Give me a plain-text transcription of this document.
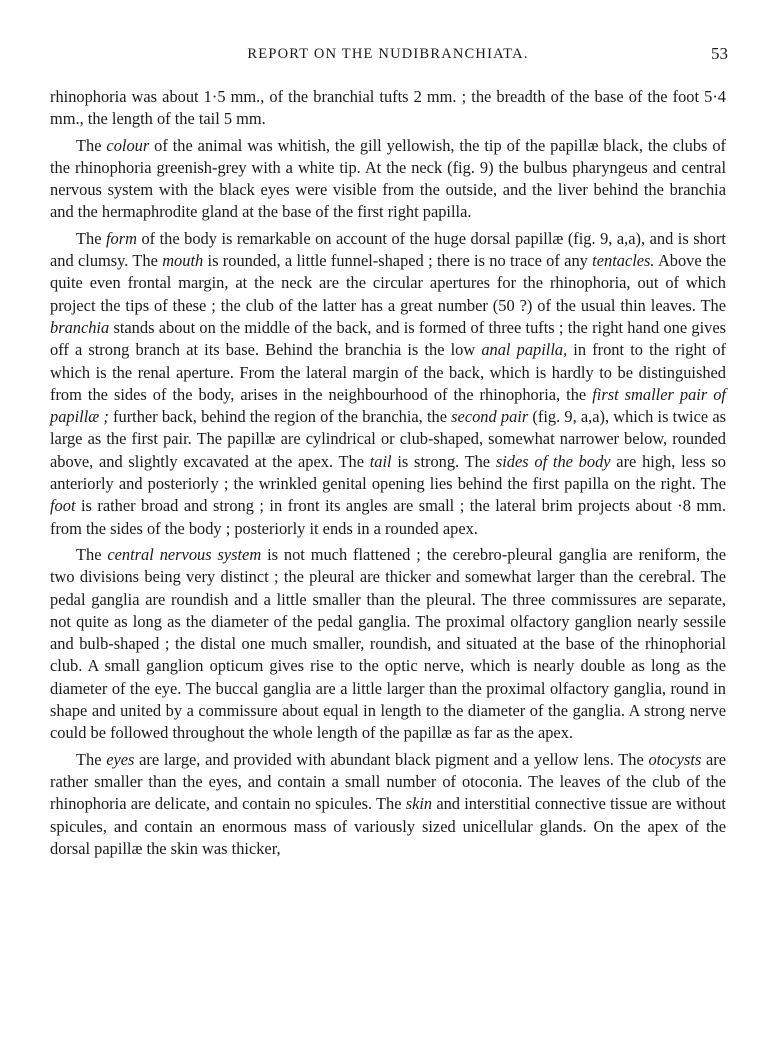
REPORT ON THE NUDIBRANCHIATA.	53

rhinophoria was about 1·5 mm., of the branchial tufts 2 mm. ; the breadth of the base of the foot 5·4 mm., the length of the tail 5 mm.

The colour of the animal was whitish, the gill yellowish, the tip of the papillæ black, the clubs of the rhinophoria greenish-grey with a white tip. At the neck (fig. 9) the bulbus pharyngeus and central nervous system with the black eyes were visible from the outside, and the liver behind the branchia and the hermaphrodite gland at the base of the first right papilla.

The form of the body is remarkable on account of the huge dorsal papillæ (fig. 9, a,a), and is short and clumsy. The mouth is rounded, a little funnel-shaped ; there is no trace of any tentacles. Above the quite even frontal margin, at the neck are the circular apertures for the rhinophoria, out of which project the tips of these ; the club of the latter has a great number (50 ?) of the usual thin leaves. The branchia stands about on the middle of the back, and is formed of three tufts ; the right hand one gives off a strong branch at its base. Behind the branchia is the low anal papilla, in front to the right of which is the renal aperture. From the lateral margin of the back, which is hardly to be distinguished from the sides of the body, arises in the neighbourhood of the rhinophoria, the first smaller pair of papillæ ; further back, behind the region of the branchia, the second pair (fig. 9, a,a), which is twice as large as the first pair. The papillæ are cylindrical or club-shaped, somewhat narrower below, rounded above, and slightly excavated at the apex. The tail is strong. The sides of the body are high, less so anteriorly and posteriorly ; the wrinkled genital opening lies behind the first papilla on the right. The foot is rather broad and strong ; in front its angles are small ; the lateral brim projects about ·8 mm. from the sides of the body ; posteriorly it ends in a rounded apex.

The central nervous system is not much flattened ; the cerebro-pleural ganglia are reniform, the two divisions being very distinct ; the pleural are thicker and somewhat larger than the cerebral. The pedal ganglia are roundish and a little smaller than the pleural. The three commissures are separate, not quite as long as the diameter of the pedal ganglia. The proximal olfactory ganglion nearly sessile and bulb-shaped ; the distal one much smaller, roundish, and situated at the base of the rhinophorial club. A small ganglion opticum gives rise to the optic nerve, which is nearly double as long as the diameter of the eye. The buccal ganglia are a little larger than the proximal olfactory ganglia, round in shape and united by a commissure about equal in length to the diameter of the ganglia. A strong nerve could be followed throughout the whole length of the papillæ as far as the apex.

The eyes are large, and provided with abundant black pigment and a yellow lens. The otocysts are rather smaller than the eyes, and contain a small number of otoconia. The leaves of the club of the rhinophoria are delicate, and contain no spicules. The skin and interstitial connective tissue are without spicules, and contain an enormous mass of variously sized unicellular glands. On the apex of the dorsal papillæ the skin was thicker,
